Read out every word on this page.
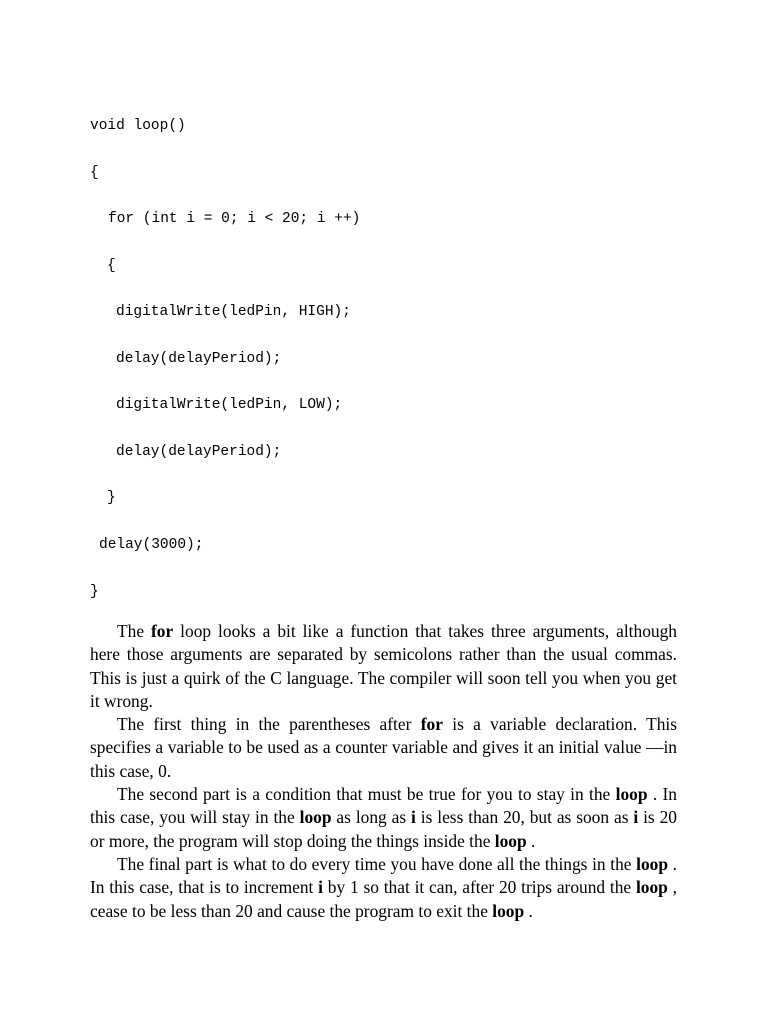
void loop()
{
for (int i = 0; i < 20; i ++)
{
digitalWrite(ledPin, HIGH);
delay(delayPeriod);
digitalWrite(ledPin, LOW);
delay(delayPeriod);
}
delay(3000);
}

The for loop looks a bit like a function that takes three arguments, although here those arguments are separated by semicolons rather than the usual commas. This is just a quirk of the C language. The compiler will soon tell you when you get it wrong.

The first thing in the parentheses after for is a variable declaration. This specifies a variable to be used as a counter variable and gives it an initial value —in this case, 0.

The second part is a condition that must be true for you to stay in the loop . In this case, you will stay in the loop as long as i is less than 20, but as soon as i is 20 or more, the program will stop doing the things inside the loop .

The final part is what to do every time you have done all the things in the loop . In this case, that is to increment i by 1 so that it can, after 20 trips around the loop , cease to be less than 20 and cause the program to exit the loop .
